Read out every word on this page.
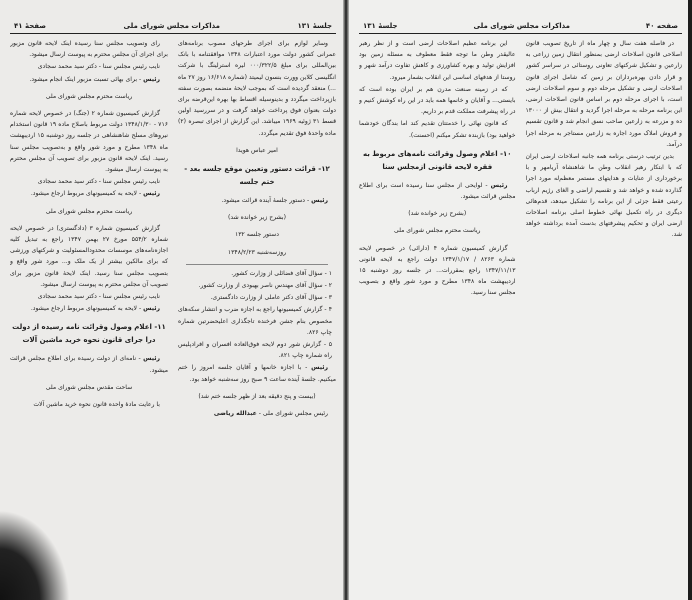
جلسهٔ ۱۳۱
مذاکرات مجلس شورای ملی
صفحهٔ ۴۱

وسایر لوازم برای اجرای طرحهای مصوب برنامه‌های عمرانی کشور دولت مورد اعتبارات ۱۳۴۸ موافقتنامه با بانک بین‌المللی برای مبلغ ۰۰۰/۳۲۲/۵ لیره استرلینگ با شرکت انگلیسی کلاین وورت بنسون لیمیتد (شماره ۱۶/۶۱۸ روز ۲۷ ماه ...) منعقد گردیده است که بموجب لایحهٔ منضمه بصورت سفته بازپرداخت میگردد و بدینوسیله اقساط بها بهره این‌قرضه برای دولت بعنوان فوق پرداخت خواهد گرفت و در سررسید اولین قسط ۳۱ ژوئیه ۱۹۶۹ میباشد. این گزارش از اجرای تبصره (۲) ماده واحدهٔ فوق تقدیم میگردد.

امیر عباس هویدا

۱۲- قرائت دستور وتعیین موقع جلسه بعد - ختم جلسه

رئیس - دستور جلسهٔ آینده قرائت میشود.

(بشرح زیر خوانده شد)

دستور جلسه ۱۳۲

روزسه‌شنبه ۱۳۴۸/۲/۲۳

۱ - سؤال آقای فضائلی از وزارت کشور.

۲ - سؤال آقای مهندس ناصر بهبودی از وزارت کشور.

۳ - سؤال آقای دکتر عاملی از وزارت دادگستری.

۴ - گزارش کمیسیونها راجع به اجازه ضرب و انتشار سکه‌های مخصوص بنام جشن فرخنده تاجگذاری اعلیحضرتین شماره چاپ ۸۲۶.

۵ - گزارش شور دوم لایحه فوق‌العاده افسران و افرادپلیس راه شماره چاپ ۸۲۱.

رئیس - با اجازه خانمها و آقایان جلسه امروز را ختم میکنیم. جلسهٔ آینده ساعت ۹ صبح روز سه‌شنبه خواهد بود.

(بیست و پنج دقیقه بعد از ظهر جلسه ختم شد)

رئیس مجلس شورای ملی - عبدالله ریاضی

رای وتصویب مجلس سنا رسیده اینک لایحه قانون مزبور برای اجرای آن مجلس محترم به پیوست ارسال میشود.

نایب رئیس مجلس سنا - دکتر سید محمد سجادی

رئیس - برای بهائی تسبت مزبور اینک انجام میشود.

ریاست محترم مجلس شورای ملی

گزارش کمیسیون شماره ۲ (جنگ) در خصوص لایحه شماره ۷۱۶ - ۱۳۴۸/۱/۳۰ دولت مربوط باصلاح ماده ۱۹ قانون استخدام نیروهای مسلح شاهنشاهی در جلسه روز دوشنبه ۱۵ اردیبهشت ماه ۱۳۴۸ مطرح و مورد شور واقع و به‌تصویب مجلس سنا رسید. اینک لایحه قانون مزبور برای تصویب آن مجلس محترم به پیوست ارسال میشود.

نایب رئیس مجلس سنا - دکتر سید محمد سجادی

رئیس - لایحه به کمیسیونهای مربوط ارجاع میشود.

ریاست محترم مجلس شورای ملی

گزارش کمیسیون شماره ۳ (دادگستری) در خصوص لایحه شماره ۵۵۴/۲ مورخ ۲۷ بهمن ۱۳۴۷ راجع به تبدیل کلیه اجازه‌نامه‌های موسسات محدودالمسئولیت و شرکتهای ورزشی که برای مالکین بیشتر از یک ملک و... مورد شور واقع و بتصویب مجلس سنا رسید. اینک لایحهٔ قانون مزبور برای تصویب آن مجلس محترم به پیوست ارسال میشود.

نایب رئیس مجلس سنا - دکتر سید محمد سجادی

رئیس - لایحه به کمیسیونهای مربوط ارجاع میشود.

۱۱- اعلام وصول وقرائت نامه رسیده از دولت درا جرای قانون نحوه خرید ماشین آلات

رئیس - نامه‌ای از دولت رسیده برای اطلاع مجلس قرائت میشود.

ساحت مقدس مجلس شورای ملی

با رعایت مادهٔ واحده قانون نحوه خرید ماشین آلات

صفحه ۴۰
مذاکرات مجلس شورای ملی
جلسهٔ ۱۳۱

در فاصله هفت سال و چهار ماه از تاریخ تصویب قانون اصلاحی قانون اصلاحات ارضی بمنظور انتقال زمین زراعی به زارعین و تشکیل شرکتهای تعاونی روستائی در سراسر کشور و قرار دادن بهره‌برداران بر زمین که شامل اجرای قانون اصلاحات ارضی و تشکیل مرحله دوم و سوم اصلاحات ارضی است، با اجرای مرحله دوم بر اساس قانون اصلاحات ارضی، این برنامه مرحله به مرحله اجرا گردید و انتقال بیش از ۱۳۰۰۰ ده و مزرعه به زارعین صاحب نسق انجام شد و قانون تقسیم و فروش املاک مورد اجاره به زارعین مستاجر به مرحله اجرا درآمد.

بدین ترتیب درستی برنامه همه جانبه اصلاحات ارضی ایران که با ابتکار رهبر انقلاب وطن ما شاهنشاه آریامهر و با برخورداری از عنایات و هدایتهای مستمر معظم‌له مورد اجرا گذارده شده و خواهد شد و تقسیم اراضی و الغای رژیم ارباب رعیتی فقط جزئی از این برنامه را تشکیل میدهد، قدم‌هائی دیگری در راه تکمیل نهائی خطوط اصلی برنامه اصلاحات ارضی ایران و تحکیم پیشرفتهای بدست آمده برداشته خواهد شد.

این برنامه عظیم اصلاحات ارضی است و از نظر رهبر عالیقدر وطن ما توجه فقط معطوف به مسئله زمین بود افزایش تولید و بهره کشاورزی و کاهش تفاوت درآمد شهر و روستا از هدفهای اساسی این انقلاب بشمار میرود.

که در زمینه صنعت مدرن هم بر ایران بوده است که بایستی... و آقایان و خانمها همه باید در این راه کوشش کنیم و در راه پیشرفت مملکت قدم بر داریم.

که قانون نهائی را خدمتتان تقدیم کند اما بندگان خودشما خواهید بود) بازبنده تشکر میکنم (احسنت).

۱۰- اعلام وصول وقرائت نامه‌های مربوط به فقره لایحه قانونی ازمجلس سنا

رئیس - لوایحی از مجلس سنا رسیده است برای اطلاع مجلس قرائت میشود.

(بشرح زیر خوانده شد)

ریاست محترم مجلس شورای ملی

گزارش کمیسیون شماره ۴ (دارائی) در خصوص لایحه شماره ۸۲۶۳ / ۱۳۴۷/۱/۱۷ دولت راجع به لایحه قانونی ۱۳۴۷/۱۱/۱۳ راجع بمقررات... در جلسه روز دوشنبه ۱۵ اردیبهشت ماه ۱۳۴۸ مطرح و مورد شور واقع و بتصویب مجلس سنا رسید.
